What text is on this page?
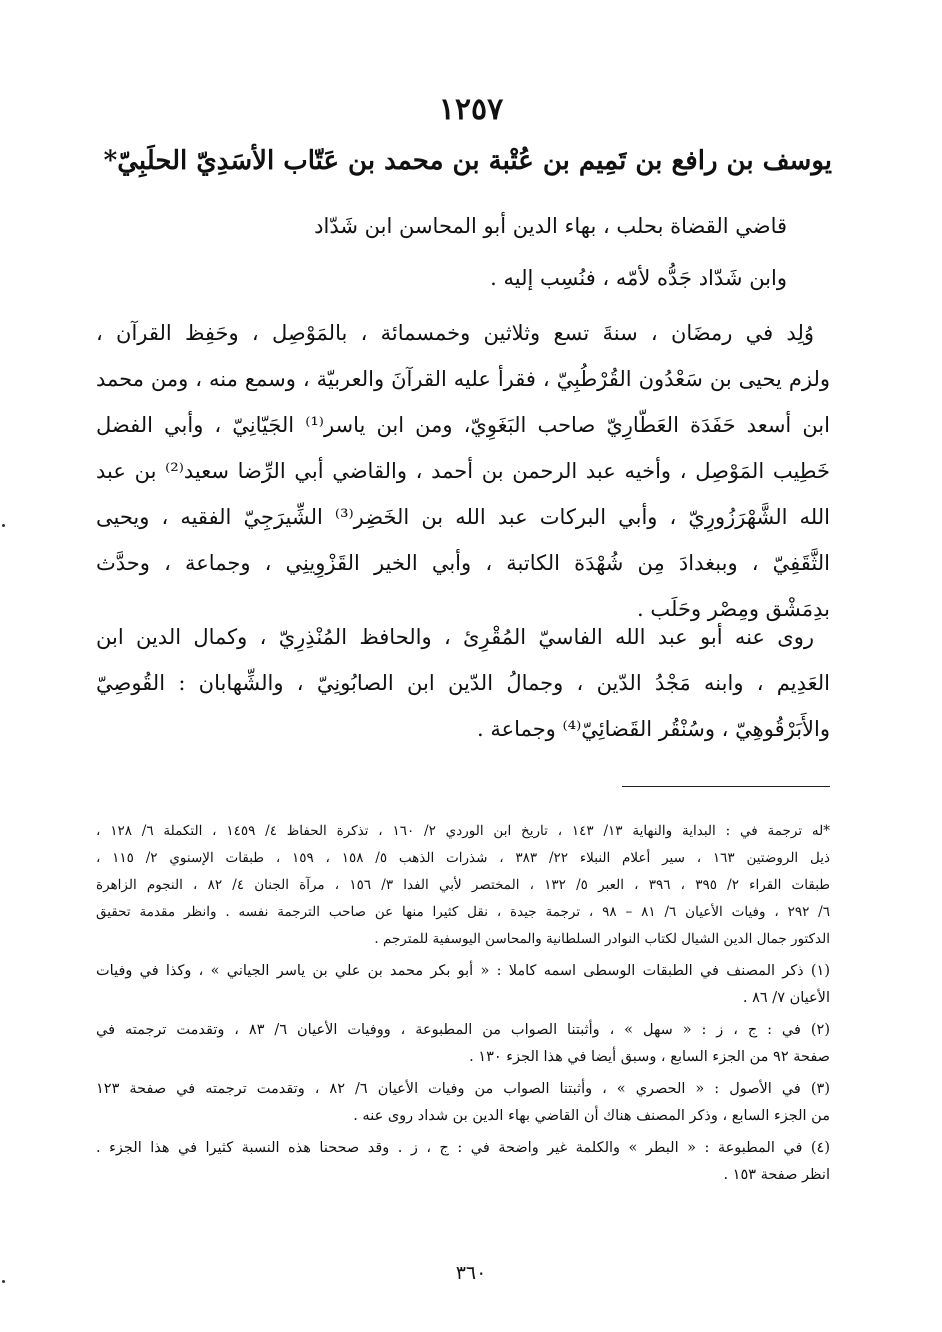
١٢٥٧
يوسف بن رافع بن تَمِيم بن عُتْبة بن محمد بن عَتّاب الأسَدِيّ الحلَبِيّ*
قاضي القضاة بحلب ، بهاء الدين أبو المحاسن ابن شَدّاد
وابن شَدّاد جَدُّه لأمّه ، فنُسِب إليه .
وُلِد في رمضَان ، سنةَ تسع وثلاثين وخمسمائة ، بالمَوْصِل ، وحَفِظ القرآن ،
ولزم يحيى بن سَعْدُون القُرْطُبِيّ ، فقرأ عليه القرآنَ والعربيّة ، وسمع منه ، ومن محمد
ابن أسعد حَفَدَة العَطّارِيّ صاحب البَغَوِيّ، ومن ابن ياسر⁽¹⁾ الجَيّانِيّ ، وأبي الفضل
خَطِيب المَوْصِل ، وأخيه عبد الرحمن بن أحمد ، والقاضي أبي الرِّضا سعيد⁽²⁾ بن عبد
الله الشَّهْرَزُورِيّ ، وأبي البركات عبد الله بن الخَضِر⁽³⁾ الشِّيرَجِيّ الفقيه ، ويحيى
الثَّقَفِيّ ، وببغدادَ مِن شُهْدَة الكاتبة ، وأبي الخير القَزْوِينِي ، وجماعة ، وحدَّث
بدِمَشْق ومِصْر وحَلَب .
روى عنه أبو عبد الله الفاسيّ المُقْرِئ ، والحافظ المُنْذِرِيّ ، وكمال الدين ابن
العَدِيم ، وابنه مَجْدُ الدّين ، وجمالُ الدّين ابن الصابُونِيّ ، والشِّهابان : القُوصِيّ
والأَبَرْقُوهِيّ ، وسُنْقُر القَضائِيّ⁽⁴⁾ وجماعة .
*له ترجمة في : البداية والنهاية ١٣/ ١٤٣ ، تاريخ ابن الوردي ٢/ ١٦٠ ، تذكرة الحفاظ ٤/ ١٤٥٩ ، التكملة ٦/ ١٢٨ ،
ذيل الروضتين ١٦٣ ، سير أعلام النبلاء ٢٢/ ٣٨٣ ، شذرات الذهب ٥/ ١٥٨ ، ١٥٩ ، طبقات الإسنوي ٢/ ١١٥ ،
طبقات القراء ٢/ ٣٩٥ ، ٣٩٦ ، العبر ٥/ ١٣٢ ، المختصر لأبي الفدا ٣/ ١٥٦ ، مرآة الجنان ٤/ ٨٢ ، النجوم الزاهرة
٦/ ٢٩٢ ، وفيات الأعيان ٦/ ٨١ – ٩٨ ، ترجمة جيدة ، نقل كثيرا منها عن صاحب الترجمة نفسه . وانظر مقدمة تحقيق
الدكتور جمال الدين الشيال لكتاب النوادر السلطانية والمحاسن اليوسفية للمترجم .
(١) ذكر المصنف في الطبقات الوسطى اسمه كاملا : « أبو بكر محمد بن علي بن ياسر الجياني » ، وكذا في وفيات
الأعيان ٧/ ٨٦ .
(٢) في : ج ، ز : « سهل » ، وأثبتنا الصواب من المطبوعة ، ووفيات الأعيان ٦/ ٨٣ ، وتقدمت ترجمته في
صفحة ٩٢ من الجزء السابع ، وسبق أيضا في هذا الجزء ١٣٠ .
(٣) في الأصول : « الحصري » ، وأثبتنا الصواب من وفيات الأعيان ٦/ ٨٢ ، وتقدمت ترجمته في صفحة ١٢٣
من الجزء السابع ، وذكر المصنف هناك أن القاضي بهاء الدين بن شداد روى عنه .
(٤) في المطبوعة : « البطر » والكلمة غير واضحة في : ج ، ز . وقد صححنا هذه النسبة كثيرا في هذا الجزء .
انظر صفحة ١٥٣ .
٣٦٠
